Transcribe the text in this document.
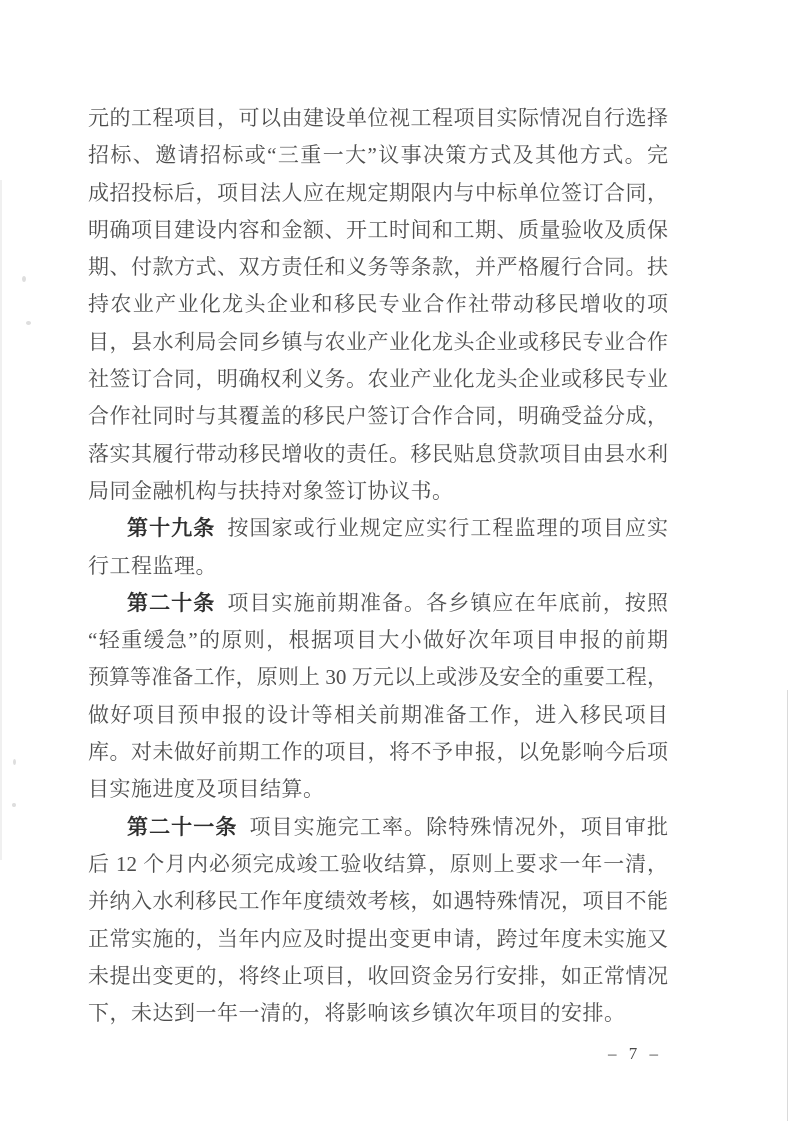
元的工程项目，可以由建设单位视工程项目实际情况自行选择
招标、邀请招标或“三重一大”议事决策方式及其他方式。完
成招投标后，项目法人应在规定期限内与中标单位签订合同，
明确项目建设内容和金额、开工时间和工期、质量验收及质保
期、付款方式、双方责任和义务等条款，并严格履行合同。扶
持农业产业化龙头企业和移民专业合作社带动移民增收的项
目，县水利局会同乡镇与农业产业化龙头企业或移民专业合作
社签订合同，明确权利义务。农业产业化龙头企业或移民专业
合作社同时与其覆盖的移民户签订合作合同，明确受益分成，
落实其履行带动移民增收的责任。移民贴息贷款项目由县水利
局同金融机构与扶持对象签订协议书。
第十九条 按国家或行业规定应实行工程监理的项目应实
行工程监理。
第二十条 项目实施前期准备。各乡镇应在年底前，按照
“轻重缓急”的原则，根据项目大小做好次年项目申报的前期
预算等准备工作，原则上 30 万元以上或涉及安全的重要工程，
做好项目预申报的设计等相关前期准备工作，进入移民项目
库。对未做好前期工作的项目，将不予申报，以免影响今后项
目实施进度及项目结算。
第二十一条 项目实施完工率。除特殊情况外，项目审批
后 12 个月内必须完成竣工验收结算，原则上要求一年一清，
并纳入水利移民工作年度绩效考核，如遇特殊情况，项目不能
正常实施的，当年内应及时提出变更申请，跨过年度未实施又
未提出变更的，将终止项目，收回资金另行安排，如正常情况
下，未达到一年一清的，将影响该乡镇次年项目的安排。
– 7 –
